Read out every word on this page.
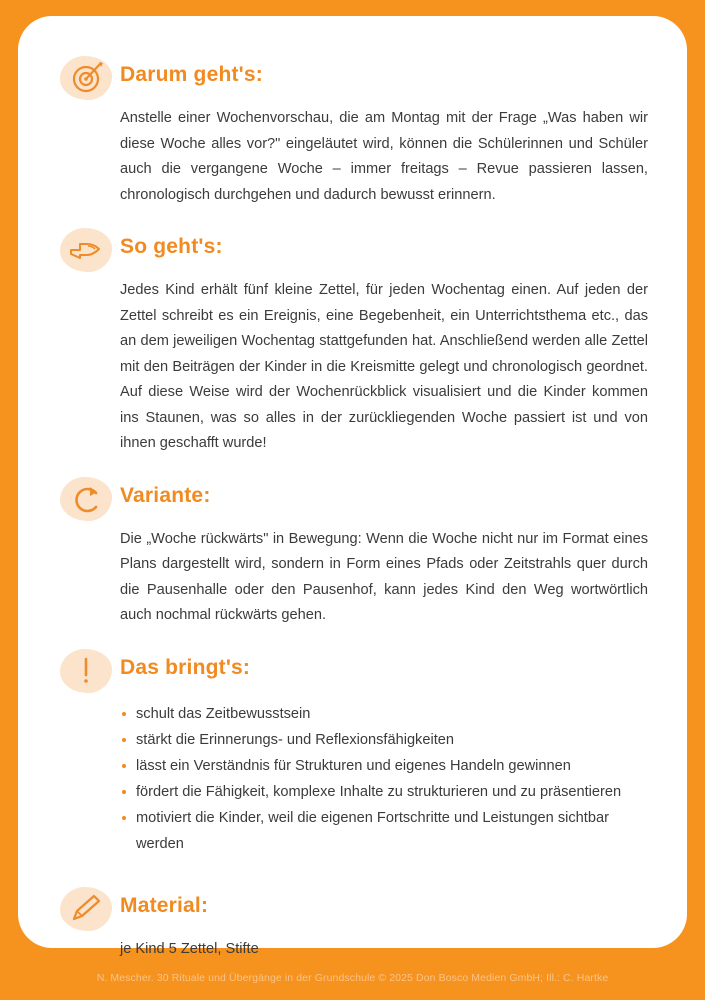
Darum geht's:

Anstelle einer Wochenvorschau, die am Montag mit der Frage „Was haben wir diese Woche alles vor?" eingeläutet wird, können die Schülerinnen und Schüler auch die vergangene Woche – immer freitags – Revue passieren lassen, chronologisch durchgehen und dadurch bewusst erinnern.

So geht's:

Jedes Kind erhält fünf kleine Zettel, für jeden Wochentag einen. Auf jeden der Zettel schreibt es ein Ereignis, eine Begebenheit, ein Unterrichtsthema etc., das an dem jeweiligen Wochentag stattgefunden hat. Anschließend werden alle Zettel mit den Beiträgen der Kinder in die Kreismitte gelegt und chronologisch geordnet. Auf diese Weise wird der Wochenrückblick visualisiert und die Kinder kommen ins Staunen, was so alles in der zurückliegenden Woche passiert ist und von ihnen geschafft wurde!

Variante:

Die „Woche rückwärts" in Bewegung: Wenn die Woche nicht nur im Format eines Plans dargestellt wird, sondern in Form eines Pfads oder Zeitstrahls quer durch die Pausenhalle oder den Pausenhof, kann jedes Kind den Weg wortwörtlich auch nochmal rückwärts gehen.

Das bringt's:
schult das Zeitbewusstsein
stärkt die Erinnerungs- und Reflexionsfähigkeiten
lässt ein Verständnis für Strukturen und eigenes Handeln gewinnen
fördert die Fähigkeit, komplexe Inhalte zu strukturieren und zu präsentieren
motiviert die Kinder, weil die eigenen Fortschritte und Leistungen sichtbar werden
Material:

je Kind 5 Zettel, Stifte

N. Mescher. 30 Rituale und Übergänge in der Grundschule © 2025 Don Bosco Medien GmbH; Ill.: C. Hartke
